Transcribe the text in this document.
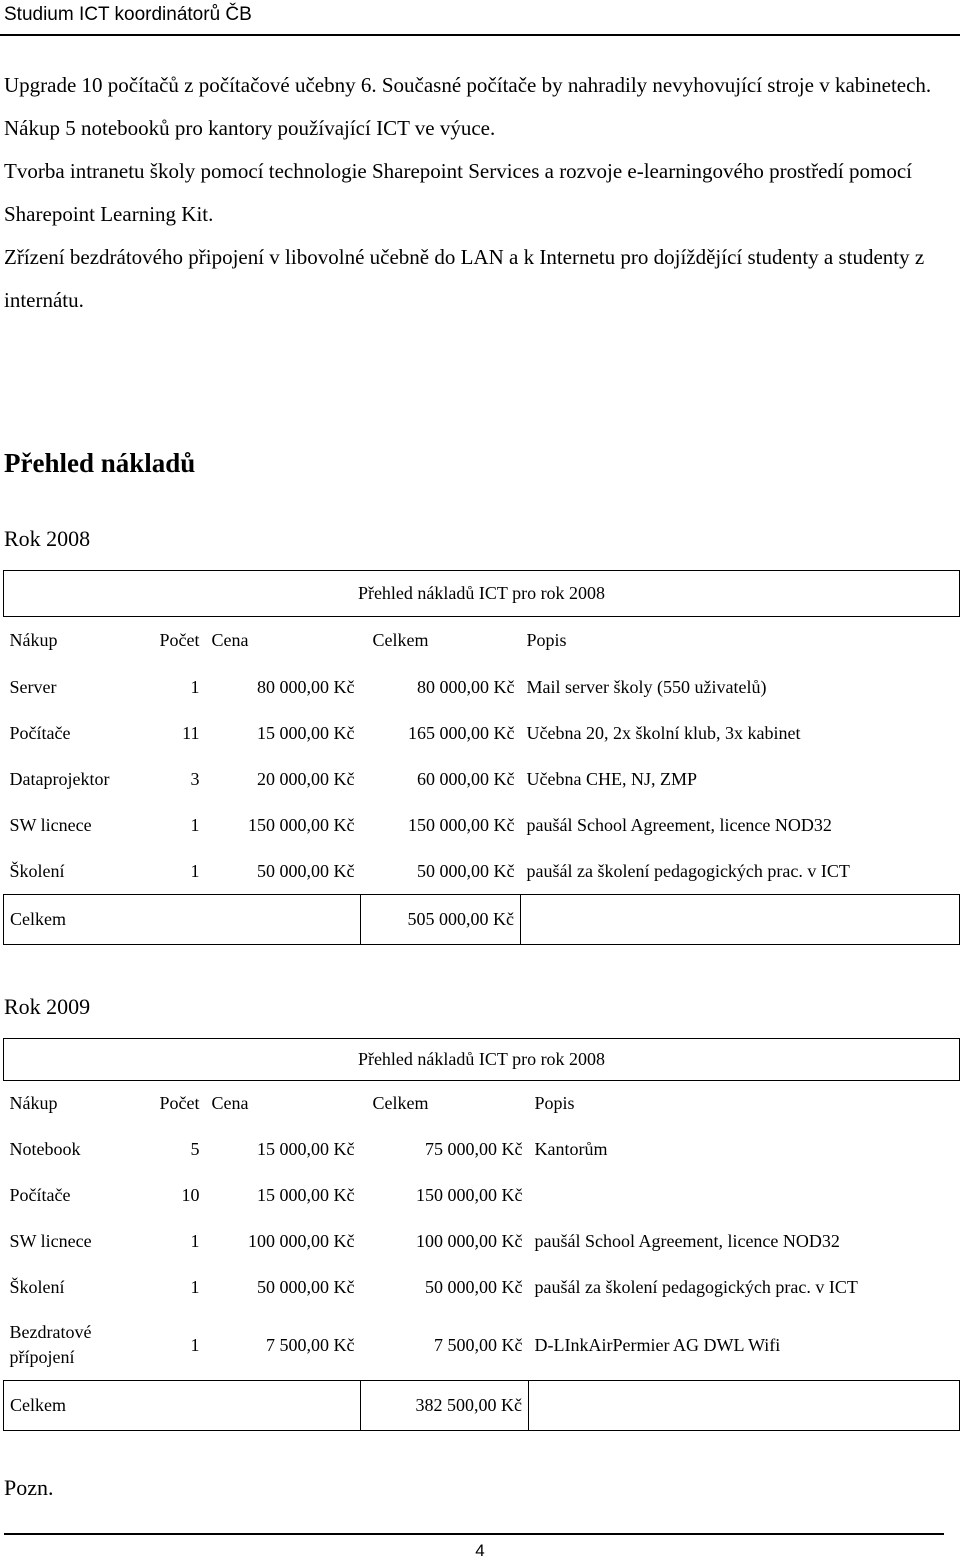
Studium ICT koordinátorů ČB

Upgrade 10 počítačů z počítačové učebny 6. Současné počítače by nahradily nevyhovující stroje v kabinetech.

Nákup 5 notebooků pro kantory používající ICT ve výuce.

Tvorba intranetu školy pomocí technologie Sharepoint Services a rozvoje e-learningového prostředí pomocí Sharepoint Learning Kit.

Zřízení bezdrátového připojení v libovolné učebně do LAN a k Internetu pro dojíždějící studenty a studenty z internátu.

Přehled nákladů

Rok 2008

Přehled nákladů ICT pro rok 2008				
Nákup	Počet	Cena	Celkem	Popis
Server	1	80 000,00 Kč	80 000,00 Kč	Mail server školy (550 uživatelů)
Počítače	11	15 000,00 Kč	165 000,00 Kč	Učebna 20, 2x školní klub, 3x kabinet
Dataprojektor	3	20 000,00 Kč	60 000,00 Kč	Učebna CHE, NJ, ZMP
SW licnece	1	150 000,00 Kč	150 000,00 Kč	paušál School Agreement, licence NOD32
Školení	1	50 000,00 Kč	50 000,00 Kč	paušál za školení pedagogických prac. v ICT
Celkem			505 000,00 Kč	

Rok 2009

Přehled nákladů ICT pro rok 2008				
Nákup	Počet	Cena	Celkem	Popis
Notebook	5	15 000,00 Kč	75 000,00 Kč	Kantorům
Počítače	10	15 000,00 Kč	150 000,00 Kč	
SW licnece	1	100 000,00 Kč	100 000,00 Kč	paušál School Agreement, licence NOD32
Školení	1	50 000,00 Kč	50 000,00 Kč	paušál za školení pedagogických prac. v ICT
Bezdratové přípojení	1	7 500,00 Kč	7 500,00 Kč	D-LInkAirPermier AG DWL Wifi
Celkem			382 500,00 Kč	

Pozn.

4
